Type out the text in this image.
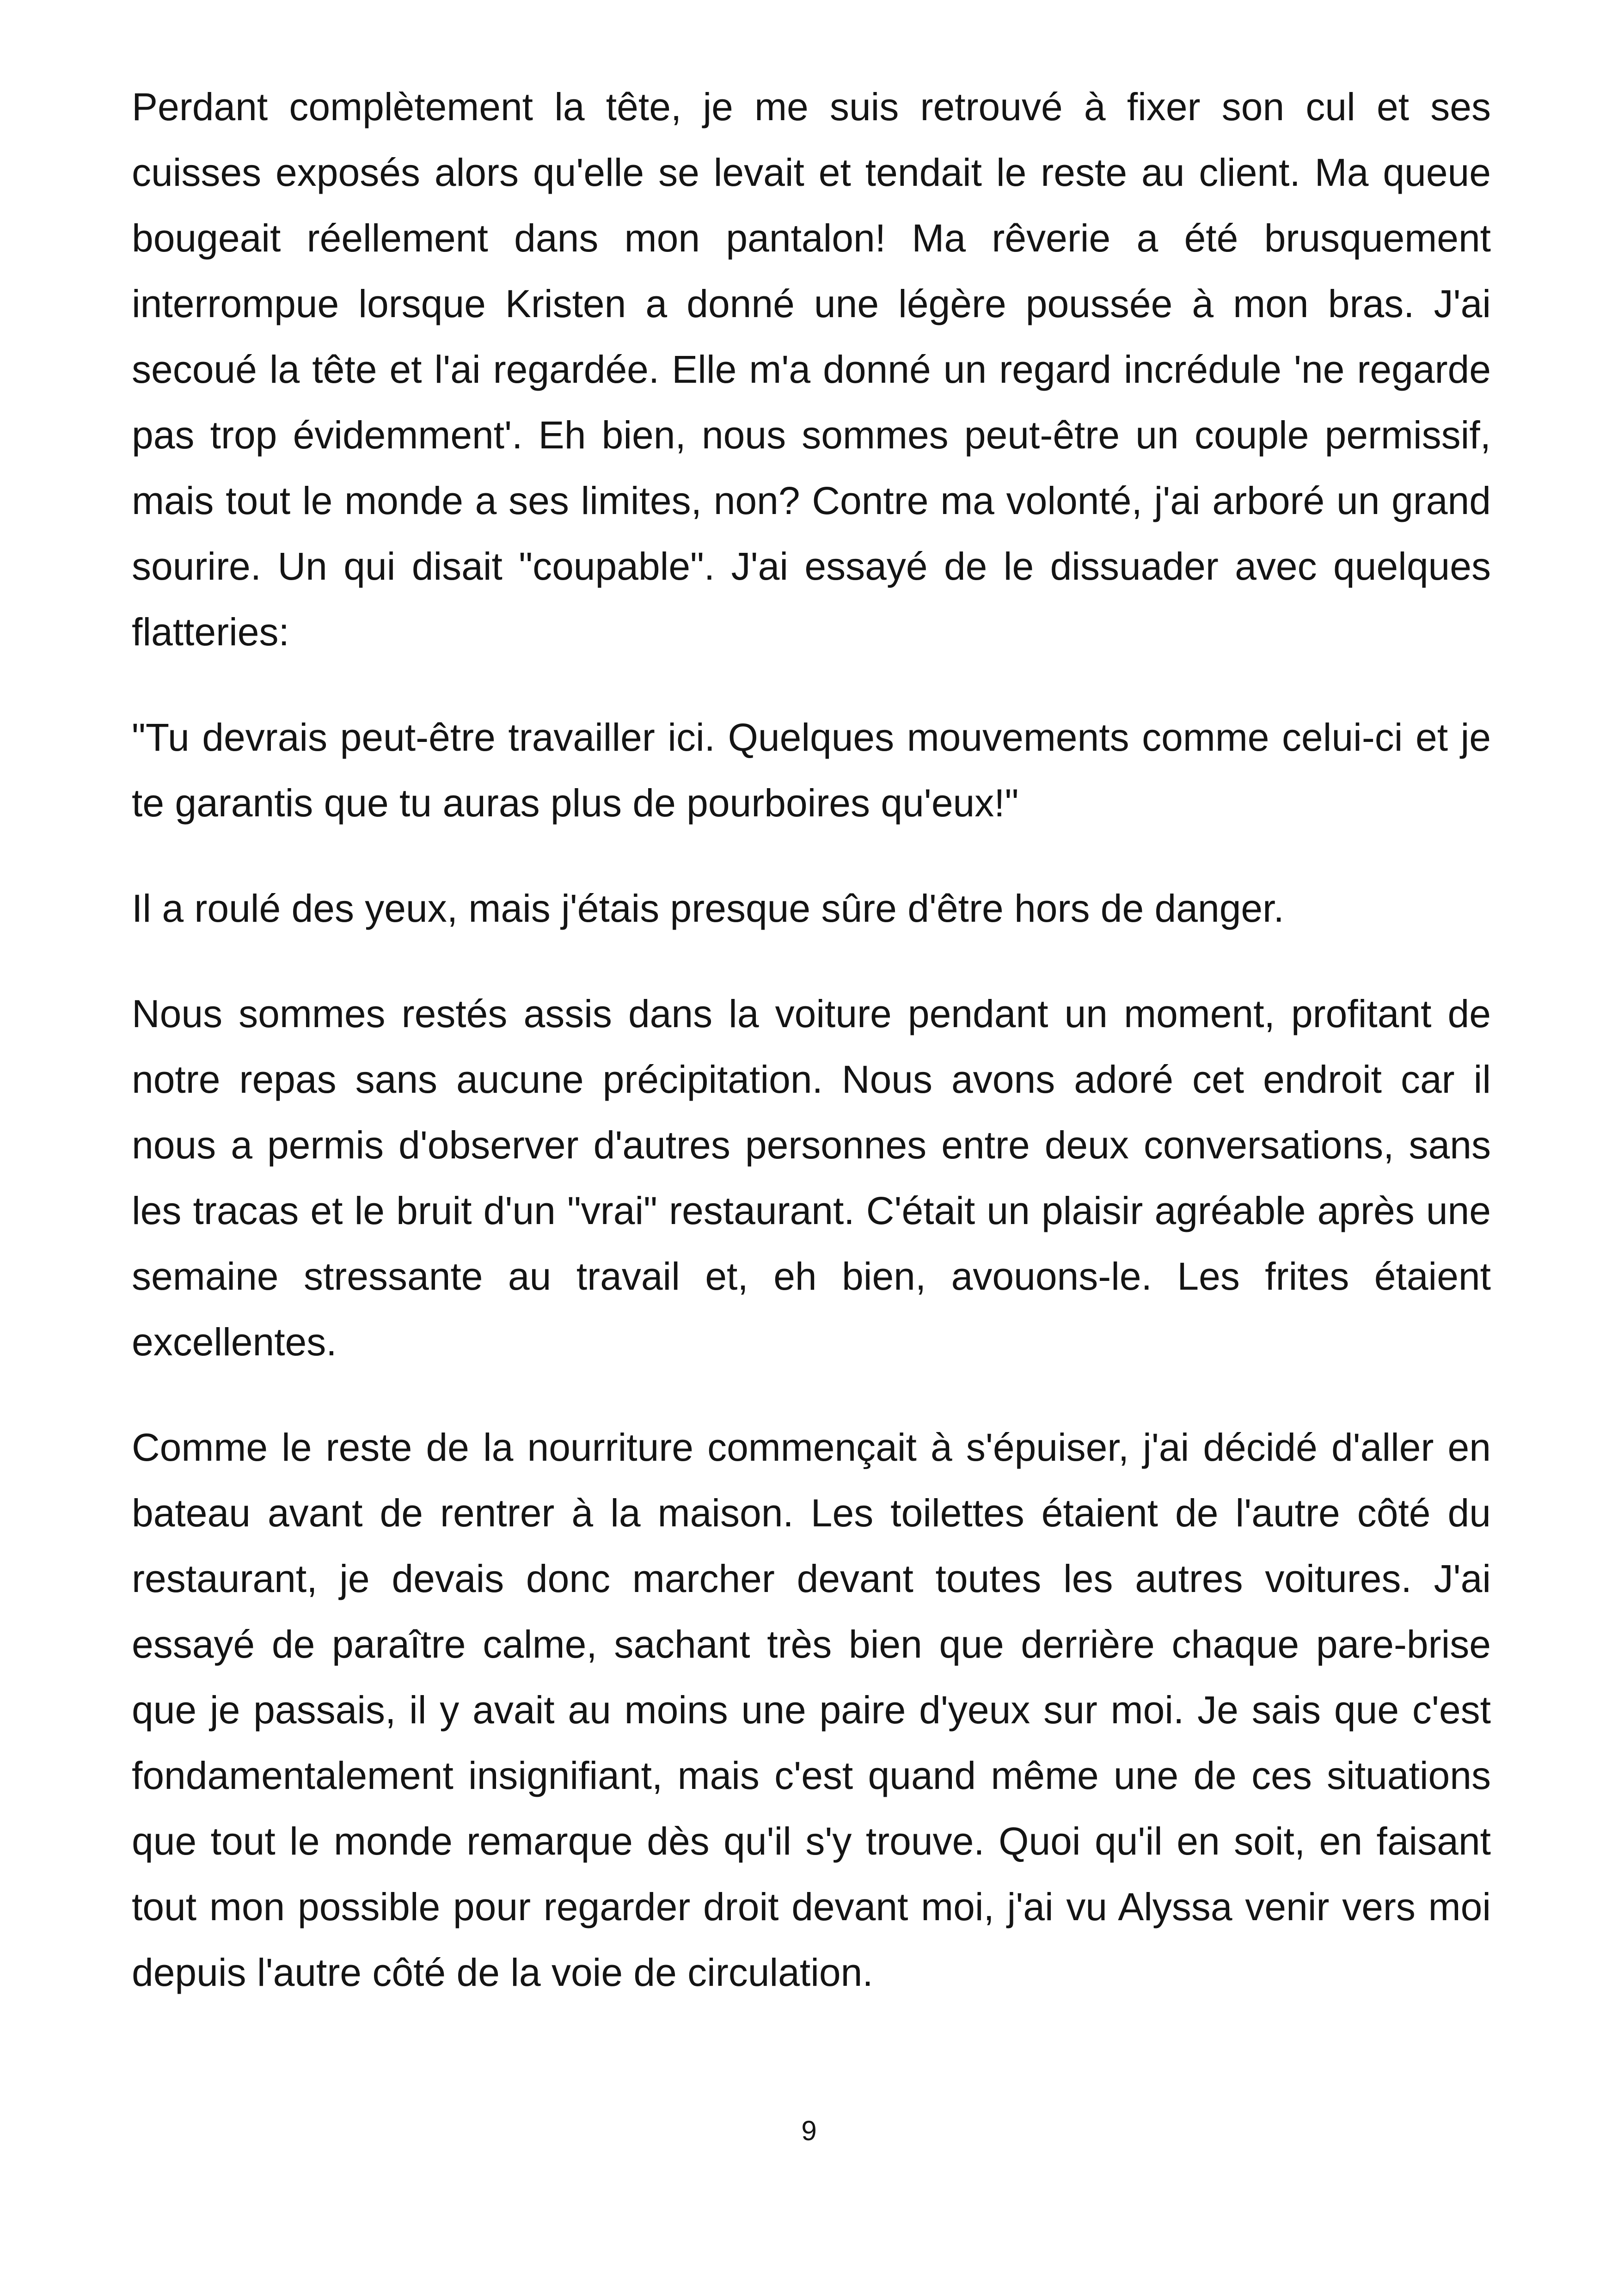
Perdant complètement la tête, je me suis retrouvé à fixer son cul et ses cuisses exposés alors qu'elle se levait et tendait le reste au client. Ma queue bougeait réellement dans mon pantalon! Ma rêverie a été brusquement interrompue lorsque Kristen a donné une légère poussée à mon bras. J'ai secoué la tête et l'ai regardée. Elle m'a donné un regard incrédule 'ne regarde pas trop évidemment'. Eh bien, nous sommes peut-être un couple permissif, mais tout le monde a ses limites, non? Contre ma volonté, j'ai arboré un grand sourire. Un qui disait "coupable". J'ai essayé de le dissuader avec quelques flatteries:

"Tu devrais peut-être travailler ici. Quelques mouvements comme celui-ci et je te garantis que tu auras plus de pourboires qu'eux!"

Il a roulé des yeux, mais j'étais presque sûre d'être hors de danger.

Nous sommes restés assis dans la voiture pendant un moment, profitant de notre repas sans aucune précipitation. Nous avons adoré cet endroit car il nous a permis d'observer d'autres personnes entre deux conversations, sans les tracas et le bruit d'un "vrai" restaurant. C'était un plaisir agréable après une semaine stressante au travail et, eh bien, avouons-le. Les frites étaient excellentes.

Comme le reste de la nourriture commençait à s'épuiser, j'ai décidé d'aller en bateau avant de rentrer à la maison. Les toilettes étaient de l'autre côté du restaurant, je devais donc marcher devant toutes les autres voitures. J'ai essayé de paraître calme, sachant très bien que derrière chaque pare-brise que je passais, il y avait au moins une paire d'yeux sur moi. Je sais que c'est fondamentalement insignifiant, mais c'est quand même une de ces situations que tout le monde remarque dès qu'il s'y trouve. Quoi qu'il en soit, en faisant tout mon possible pour regarder droit devant moi, j'ai vu Alyssa venir vers moi depuis l'autre côté de la voie de circulation.

9
